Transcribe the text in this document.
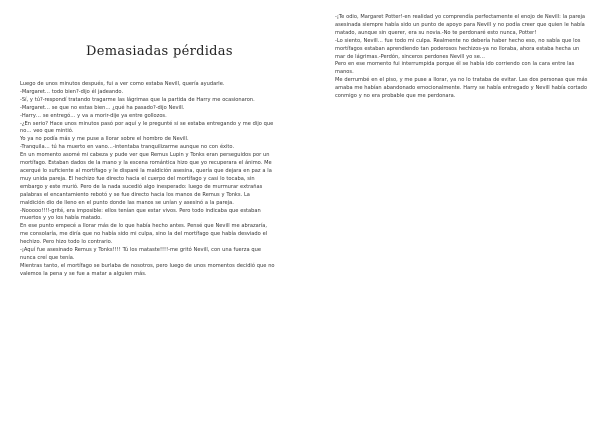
Demasiadas pérdidas

Luego de unos minutos después, fui a ver como estaba Nevill, quería ayudarle.

-Margaret… todo bien?-dijo él jadeando.

-Sí, y tú?-respondí tratando tragarme las lágrimas que la partida de Harry me ocasionaron.

-Margaret… se que no estas bien… ¿qué ha pasado?-dijo Nevill.

-Harry… se entregó… y va a morir-dije ya entre gollozos.

-¿En serio? Hace unos minutos pasó por aquí y le pregunté si se estaba entregando y me dijo que no… veo que mintió.

Yo ya no podía más y me puse a llorar sobre el hombro de Nevill.

-Tranquila… tú ha muerto en vano…-intentaba tranquilizarme aunque no con éxito.

En un momento asomé mi cabeza y pude ver que Remus Lupin y Tonks eran perseguidos por un mortífago. Estaban dados de la mano y la escena romántica hizo que yo recuperara el ánimo. Me acerqué lo suficiente al mortífago y le disparé la maldición asesina, quería que dejara en paz a la muy unida pareja. El hechizo fue directo hacia el cuerpo del mortífago y casi lo tocaba, sin embargo y este murió. Pero de la nada sucedió algo inesperado: luego de murmurar extrañas palabras el encantamiento rebotó y se fue directo hacia los manos de Remus y Tonks. La maldición dio de lleno en el punto donde las manos se unían y asesinó a la pareja.

-Nooooo!!!!-grité, era imposible: ellos tenían que estar vivos. Pero todo indicaba que estaban muertos y yo los había matado.

En ese punto empecé a llorar más de lo que había hecho antes. Pensé que Nevill me abrazaría, me consolaría, me diría que no había sido mi culpa, sino la del mortífago que había desviado el hechizo. Pero hizo todo lo contrario.

-¡Aquí fue asesinado Remus y Tonks!!!! Tú los mataste!!!!-me gritó Nevill, con una fuerza que nunca creí que tenía.

Mientras tanto, el mortífago se burlaba de nosotros, pero luego de unos momentos decidió que no valemos la pena y se fue a matar a alguien más.

-¡Te odio, Margaret Potter!-en realidad yo comprendía perfectamente el enojo de Nevill: la pareja asesinada siempre había sido un punto de apoyo para Nevill y no podía creer que quien le había matado, aunque sin querer, era su novia.-No te perdonaré esto nunca, Potter!

-Lo siento, Nevill… fue todo mi culpa. Realmente no debería haber hecho eso, no sabía que los mortífagos estaban aprendiendo tan poderosos hechizos-ya no lloraba, ahora estaba hecha un mar de lágrimas.-Perdón, sinceros perdones Nevill yo se…

Pero en ese momento fui interrumpida porque él se había ido corriendo con la cara entre las manos.

Me derrumbé en el piso, y me puse a llorar, ya no lo trataba de evitar. Las dos personas que más amaba me habían abandonado emocionalmente. Harry se había entregado y Nevill había cortado conmigo y no era probable que me perdonara.
